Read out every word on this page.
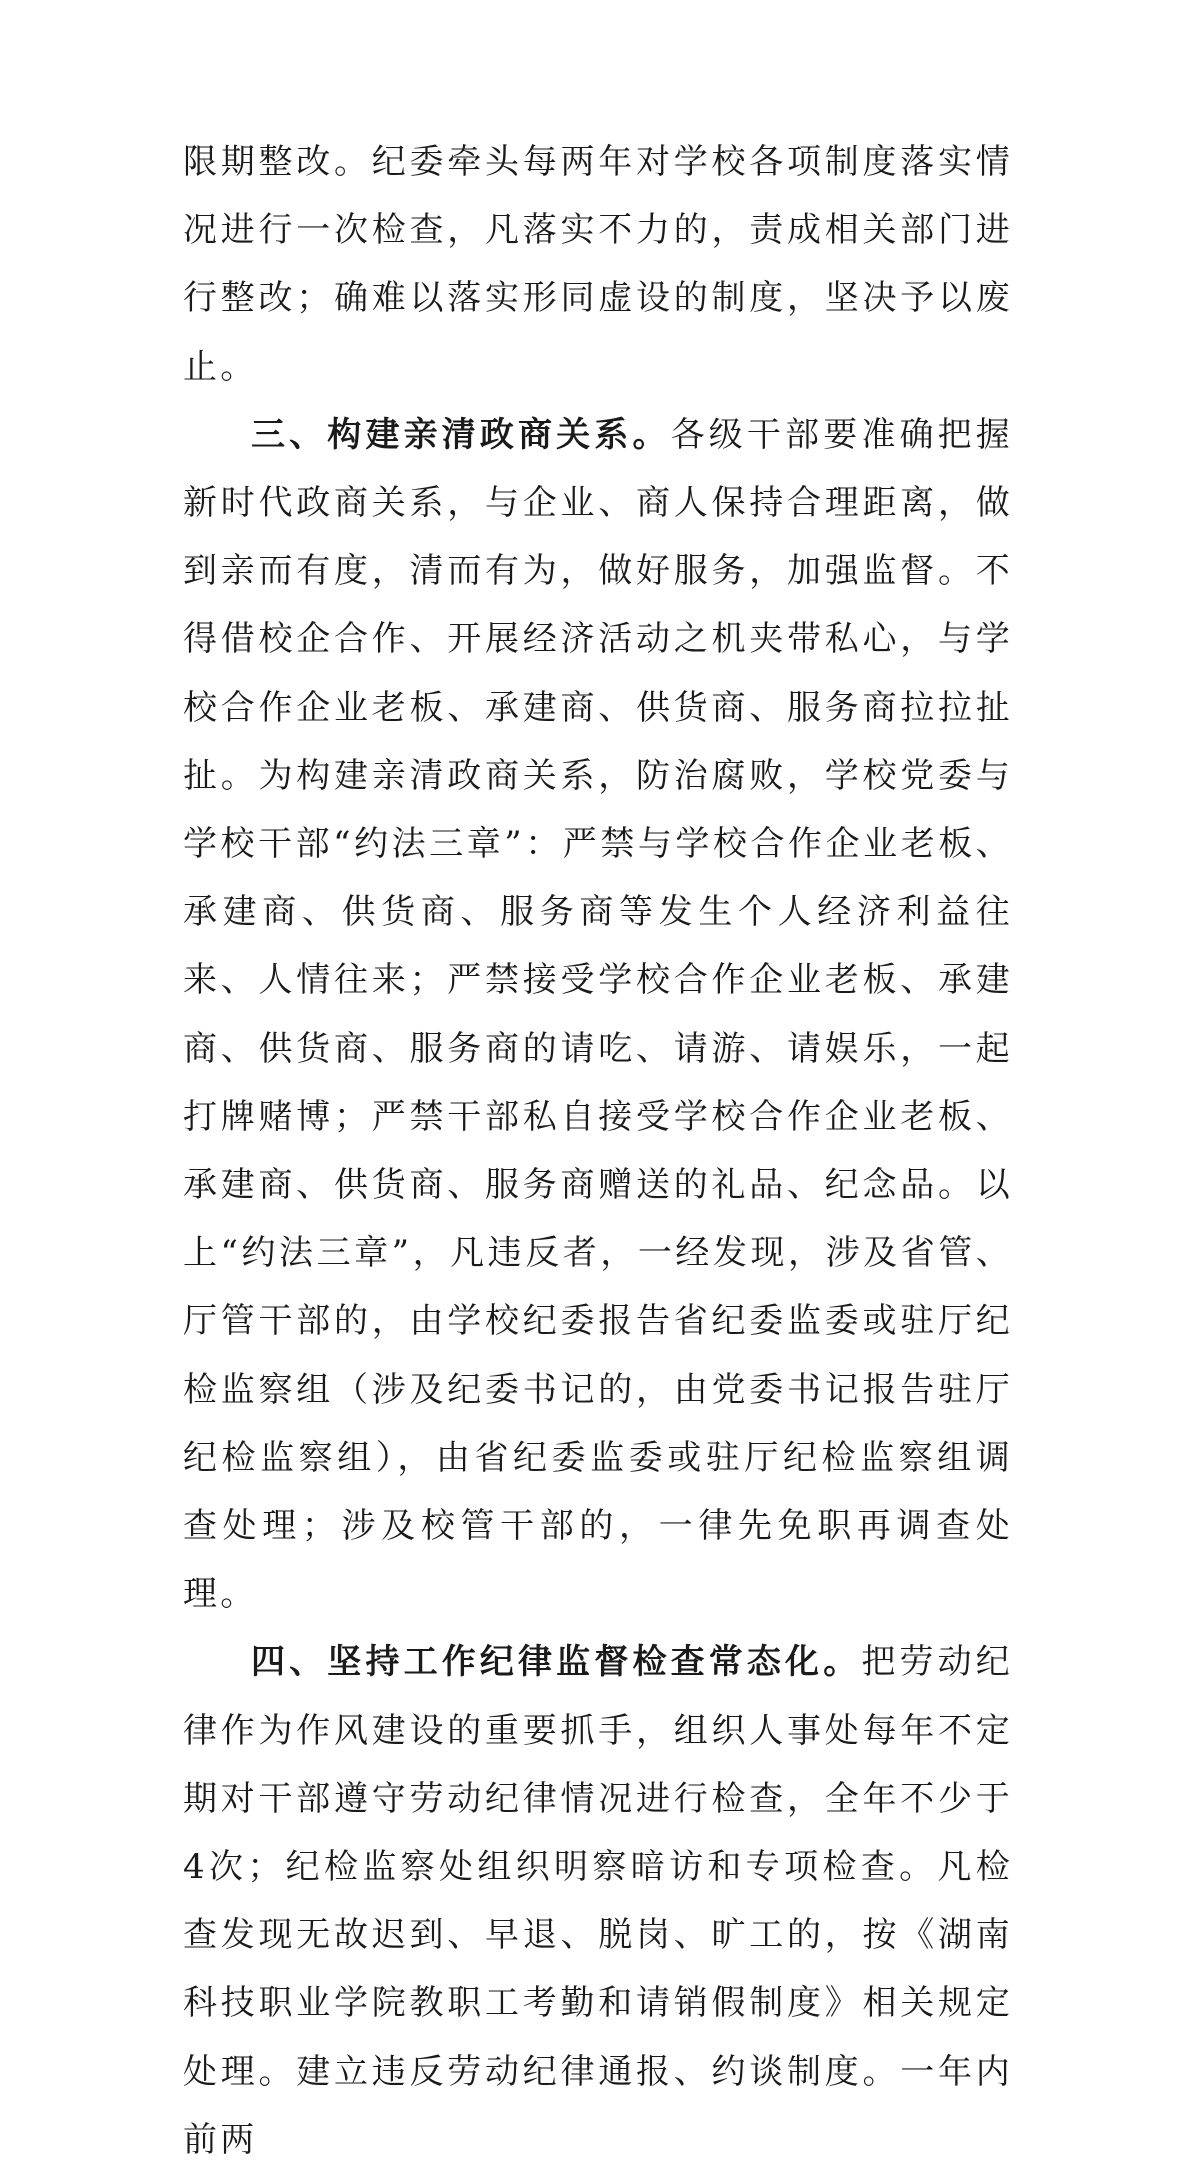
限期整改。纪委牵头每两年对学校各项制度落实情况进行一次检查，凡落实不力的，责成相关部门进行整改；确难以落实形同虚设的制度，坚决予以废止。

三、构建亲清政商关系。各级干部要准确把握新时代政商关系，与企业、商人保持合理距离，做到亲而有度，清而有为，做好服务，加强监督。不得借校企合作、开展经济活动之机夹带私心，与学校合作企业老板、承建商、供货商、服务商拉拉扯扯。为构建亲清政商关系，防治腐败，学校党委与学校干部“约法三章”：严禁与学校合作企业老板、承建商、供货商、服务商等发生个人经济利益往来、人情往来；严禁接受学校合作企业老板、承建商、供货商、服务商的请吃、请游、请娱乐，一起打牌赌博；严禁干部私自接受学校合作企业老板、承建商、供货商、服务商赠送的礼品、纪念品。以上“约法三章”，凡违反者，一经发现，涉及省管、厅管干部的，由学校纪委报告省纪委监委或驻厅纪检监察组（涉及纪委书记的，由党委书记报告驻厅纪检监察组），由省纪委监委或驻厅纪检监察组调查处理；涉及校管干部的，一律先免职再调查处理。

四、坚持工作纪律监督检查常态化。把劳动纪律作为作风建设的重要抓手，组织人事处每年不定期对干部遵守劳动纪律情况进行检查，全年不少于4次；纪检监察处组织明察暗访和专项检查。凡检查发现无故迟到、早退、脱岗、旷工的，按《湖南科技职业学院教职工考勤和请销假制度》相关规定处理。建立违反劳动纪律通报、约谈制度。一年内前两
